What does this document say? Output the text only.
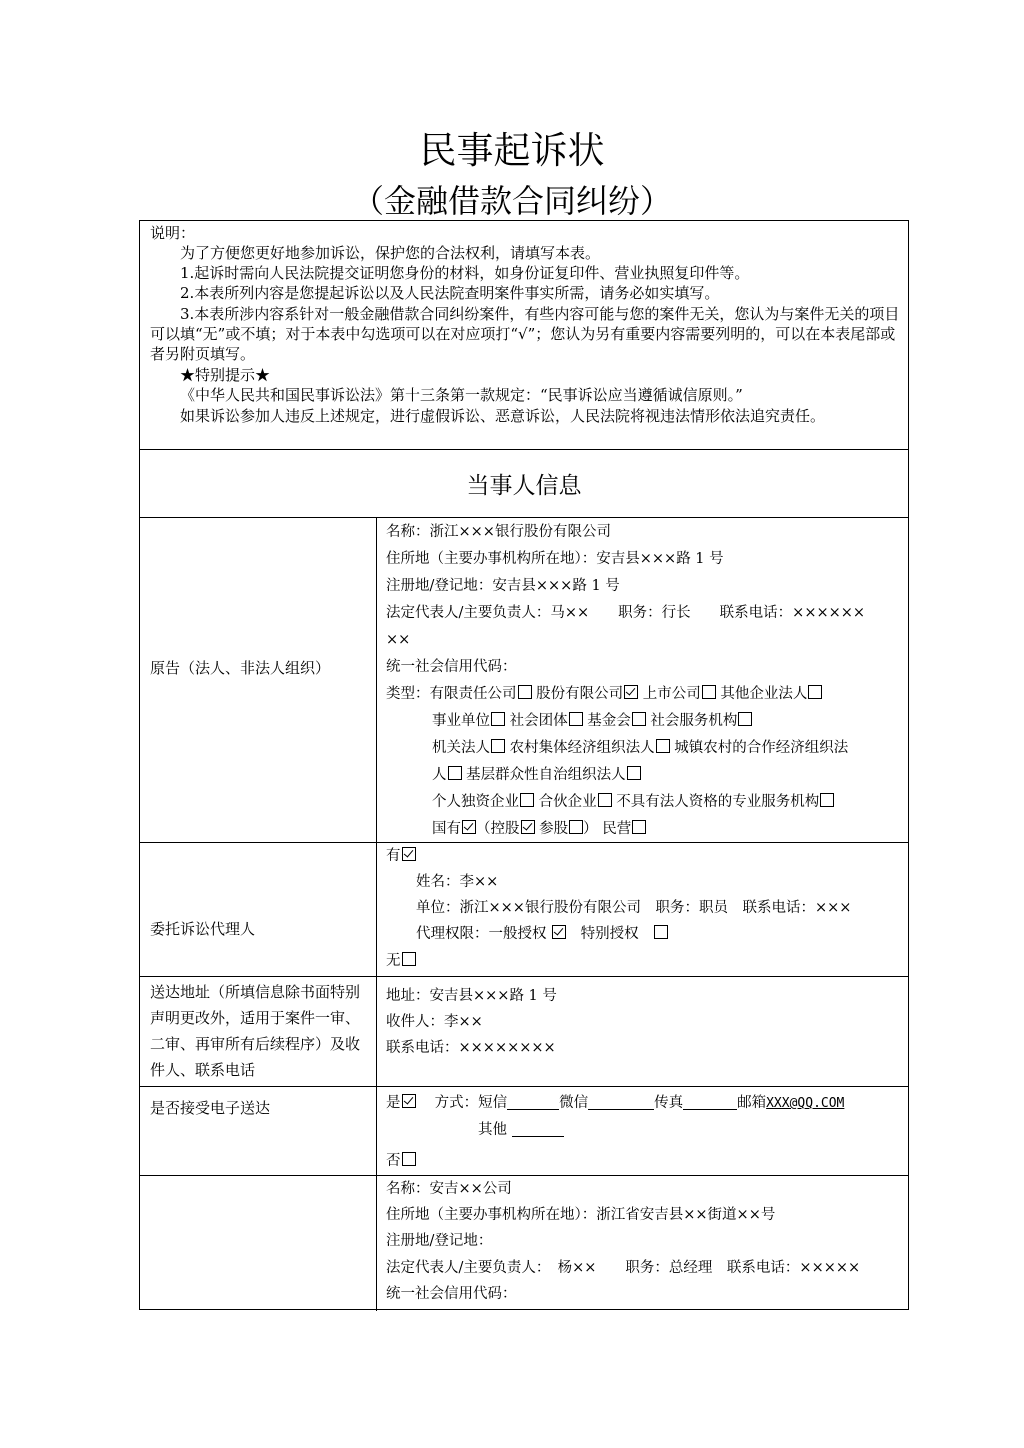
民事起诉状
（金融借款合同纠纷）
说明：
为了方便您更好地参加诉讼，保护您的合法权利，请填写本表。
1.起诉时需向人民法院提交证明您身份的材料，如身份证复印件、营业执照复印件等。
2.本表所列内容是您提起诉讼以及人民法院查明案件事实所需，请务必如实填写。
3.本表所涉内容系针对一般金融借款合同纠纷案件，有些内容可能与您的案件无关，您认为与案件无关的项目可以填“无”或不填；对于本表中勾选项可以在对应项打“√”；您认为另有重要内容需要列明的，可以在本表尾部或者另附页填写。
★特别提示★
《中华人民共和国民事诉讼法》第十三条第一款规定：“民事诉讼应当遵循诚信原则。”
如果诉讼参加人违反上述规定，进行虚假诉讼、恶意诉讼，人民法院将视违法情形依法追究责任。
当事人信息
原告（法人、非法人组织）
名称：浙江×××银行股份有限公司
住所地（主要办事机构所在地）：安吉县×××路 1 号
注册地/登记地：安吉县×××路 1 号
法定代表人/主要负责人：马××　　职务：行长　　联系电话：××××××
××
统一社会信用代码：
类型：有限责任公司 股份有限公司 上市公司 其他企业法人
事业单位 社会团体 基金会 社会服务机构
机关法人 农村集体经济组织法人 城镇农村的合作经济组织法
人 基层群众性自治组织法人
个人独资企业 合伙企业 不具有法人资格的专业服务机构
国有 （控股 参股 ） 民营
委托诉讼代理人
有
姓名：李××
单位：浙江×××银行股份有限公司　职务：职员　联系电话：×××
代理权限：一般授权 　 特别授权　
无
送达地址（所填信息除书面特别声明更改外，适用于案件一审、二审、再审所有后续程序）及收件人、联系电话
地址：安吉县×××路 1 号
收件人：李××
联系电话：××××××××
是否接受电子送达	是　 方式：短信	微信	传真	邮箱XXX@QQ.COM
其他
否
名称：安吉××公司
住所地（主要办事机构所在地）：浙江省安吉县××街道××号
注册地/登记地：
法定代表人/主要负责人：　杨××　　职务：总经理　联系电话：×××××
统一社会信用代码：
